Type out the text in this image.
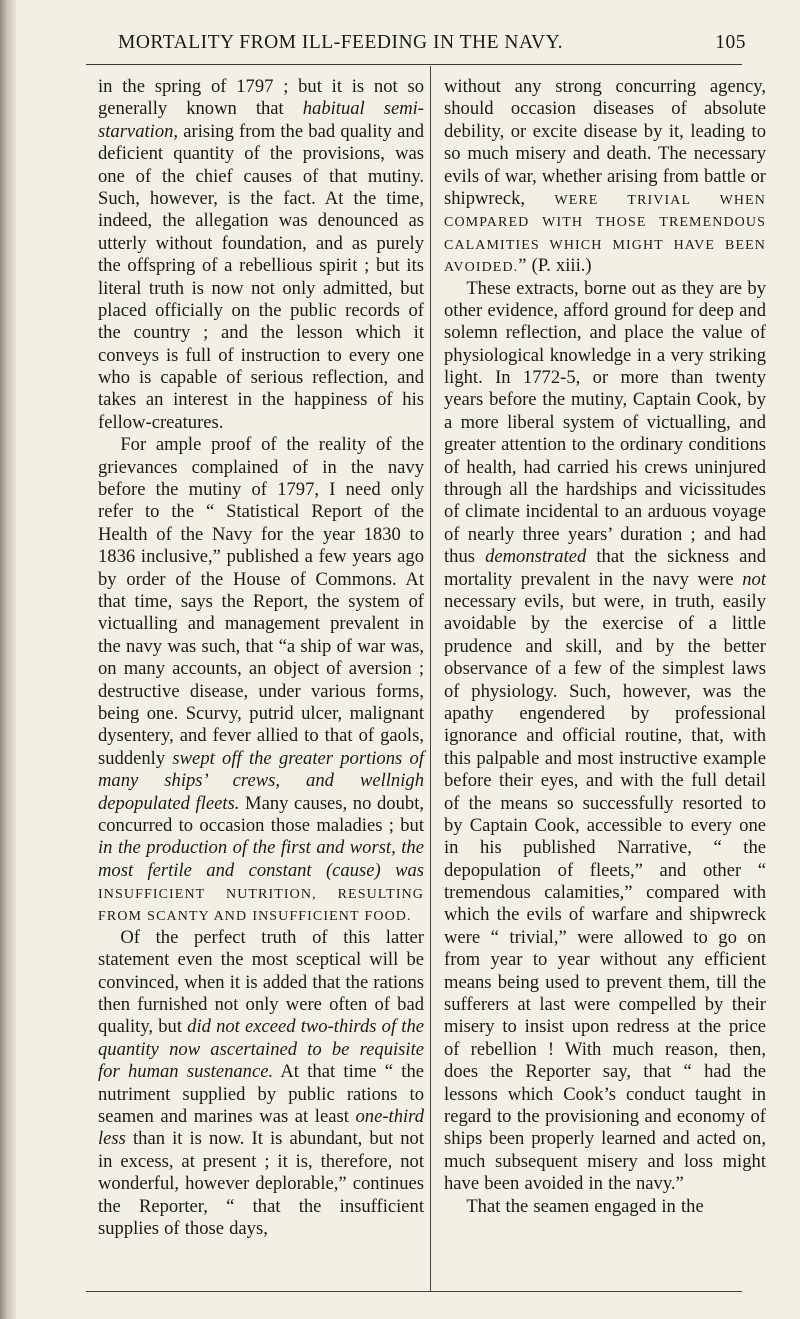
MORTALITY FROM ILL-FEEDING IN THE NAVY.	105

in the spring of 1797 ; but it is not so generally known that habitual semi-starvation, arising from the bad quality and deficient quantity of the provisions, was one of the chief causes of that mutiny. Such, however, is the fact. At the time, indeed, the allegation was denounced as utterly without foundation, and as purely the offspring of a rebellious spirit ; but its literal truth is now not only admitted, but placed officially on the public records of the country ; and the lesson which it conveys is full of instruction to every one who is capable of serious reflection, and takes an interest in the happiness of his fellow-creatures.

For ample proof of the reality of the grievances complained of in the navy before the mutiny of 1797, I need only refer to the “ Statistical Report of the Health of the Navy for the year 1830 to 1836 inclusive,” published a few years ago by order of the House of Commons. At that time, says the Report, the system of victualling and management prevalent in the navy was such, that “a ship of war was, on many accounts, an object of aversion ; destructive disease, under various forms, being one. Scurvy, putrid ulcer, malignant dysentery, and fever allied to that of gaols, suddenly swept off the greater portions of many ships’ crews, and wellnigh depopulated fleets. Many causes, no doubt, concurred to occasion those maladies ; but in the production of the first and worst, the most fertile and constant (cause) was INSUFFICIENT NUTRITION, RESULTING FROM SCANTY AND INSUFFICIENT FOOD.

Of the perfect truth of this latter statement even the most sceptical will be convinced, when it is added that the rations then furnished not only were often of bad quality, but did not exceed two-thirds of the quantity now ascertained to be requisite for human sustenance. At that time “ the nutriment supplied by public rations to seamen and marines was at least one-third less than it is now. It is abundant, but not in excess, at present ; it is, therefore, not wonderful, however deplorable,” continues the Reporter, “ that the insufficient supplies of those days,

without any strong concurring agency, should occasion diseases of absolute debility, or excite disease by it, leading to so much misery and death. The necessary evils of war, whether arising from battle or shipwreck, WERE TRIVIAL WHEN COMPARED WITH THOSE TREMENDOUS CALAMITIES WHICH MIGHT HAVE BEEN AVOIDED.” (P. xiii.)

These extracts, borne out as they are by other evidence, afford ground for deep and solemn reflection, and place the value of physiological knowledge in a very striking light. In 1772-5, or more than twenty years before the mutiny, Captain Cook, by a more liberal system of victualling, and greater attention to the ordinary conditions of health, had carried his crews uninjured through all the hardships and vicissitudes of climate incidental to an arduous voyage of nearly three years’ duration ; and had thus demonstrated that the sickness and mortality prevalent in the navy were not necessary evils, but were, in truth, easily avoidable by the exercise of a little prudence and skill, and by the better observance of a few of the simplest laws of physiology. Such, however, was the apathy engendered by professional ignorance and official routine, that, with this palpable and most instructive example before their eyes, and with the full detail of the means so successfully resorted to by Captain Cook, accessible to every one in his published Narrative, “ the depopulation of fleets,” and other “ tremendous calamities,” compared with which the evils of warfare and shipwreck were “ trivial,” were allowed to go on from year to year without any efficient means being used to prevent them, till the sufferers at last were compelled by their misery to insist upon redress at the price of rebellion ! With much reason, then, does the Reporter say, that “ had the lessons which Cook’s conduct taught in regard to the provisioning and economy of ships been properly learned and acted on, much subsequent misery and loss might have been avoided in the navy.”

That the seamen engaged in the
